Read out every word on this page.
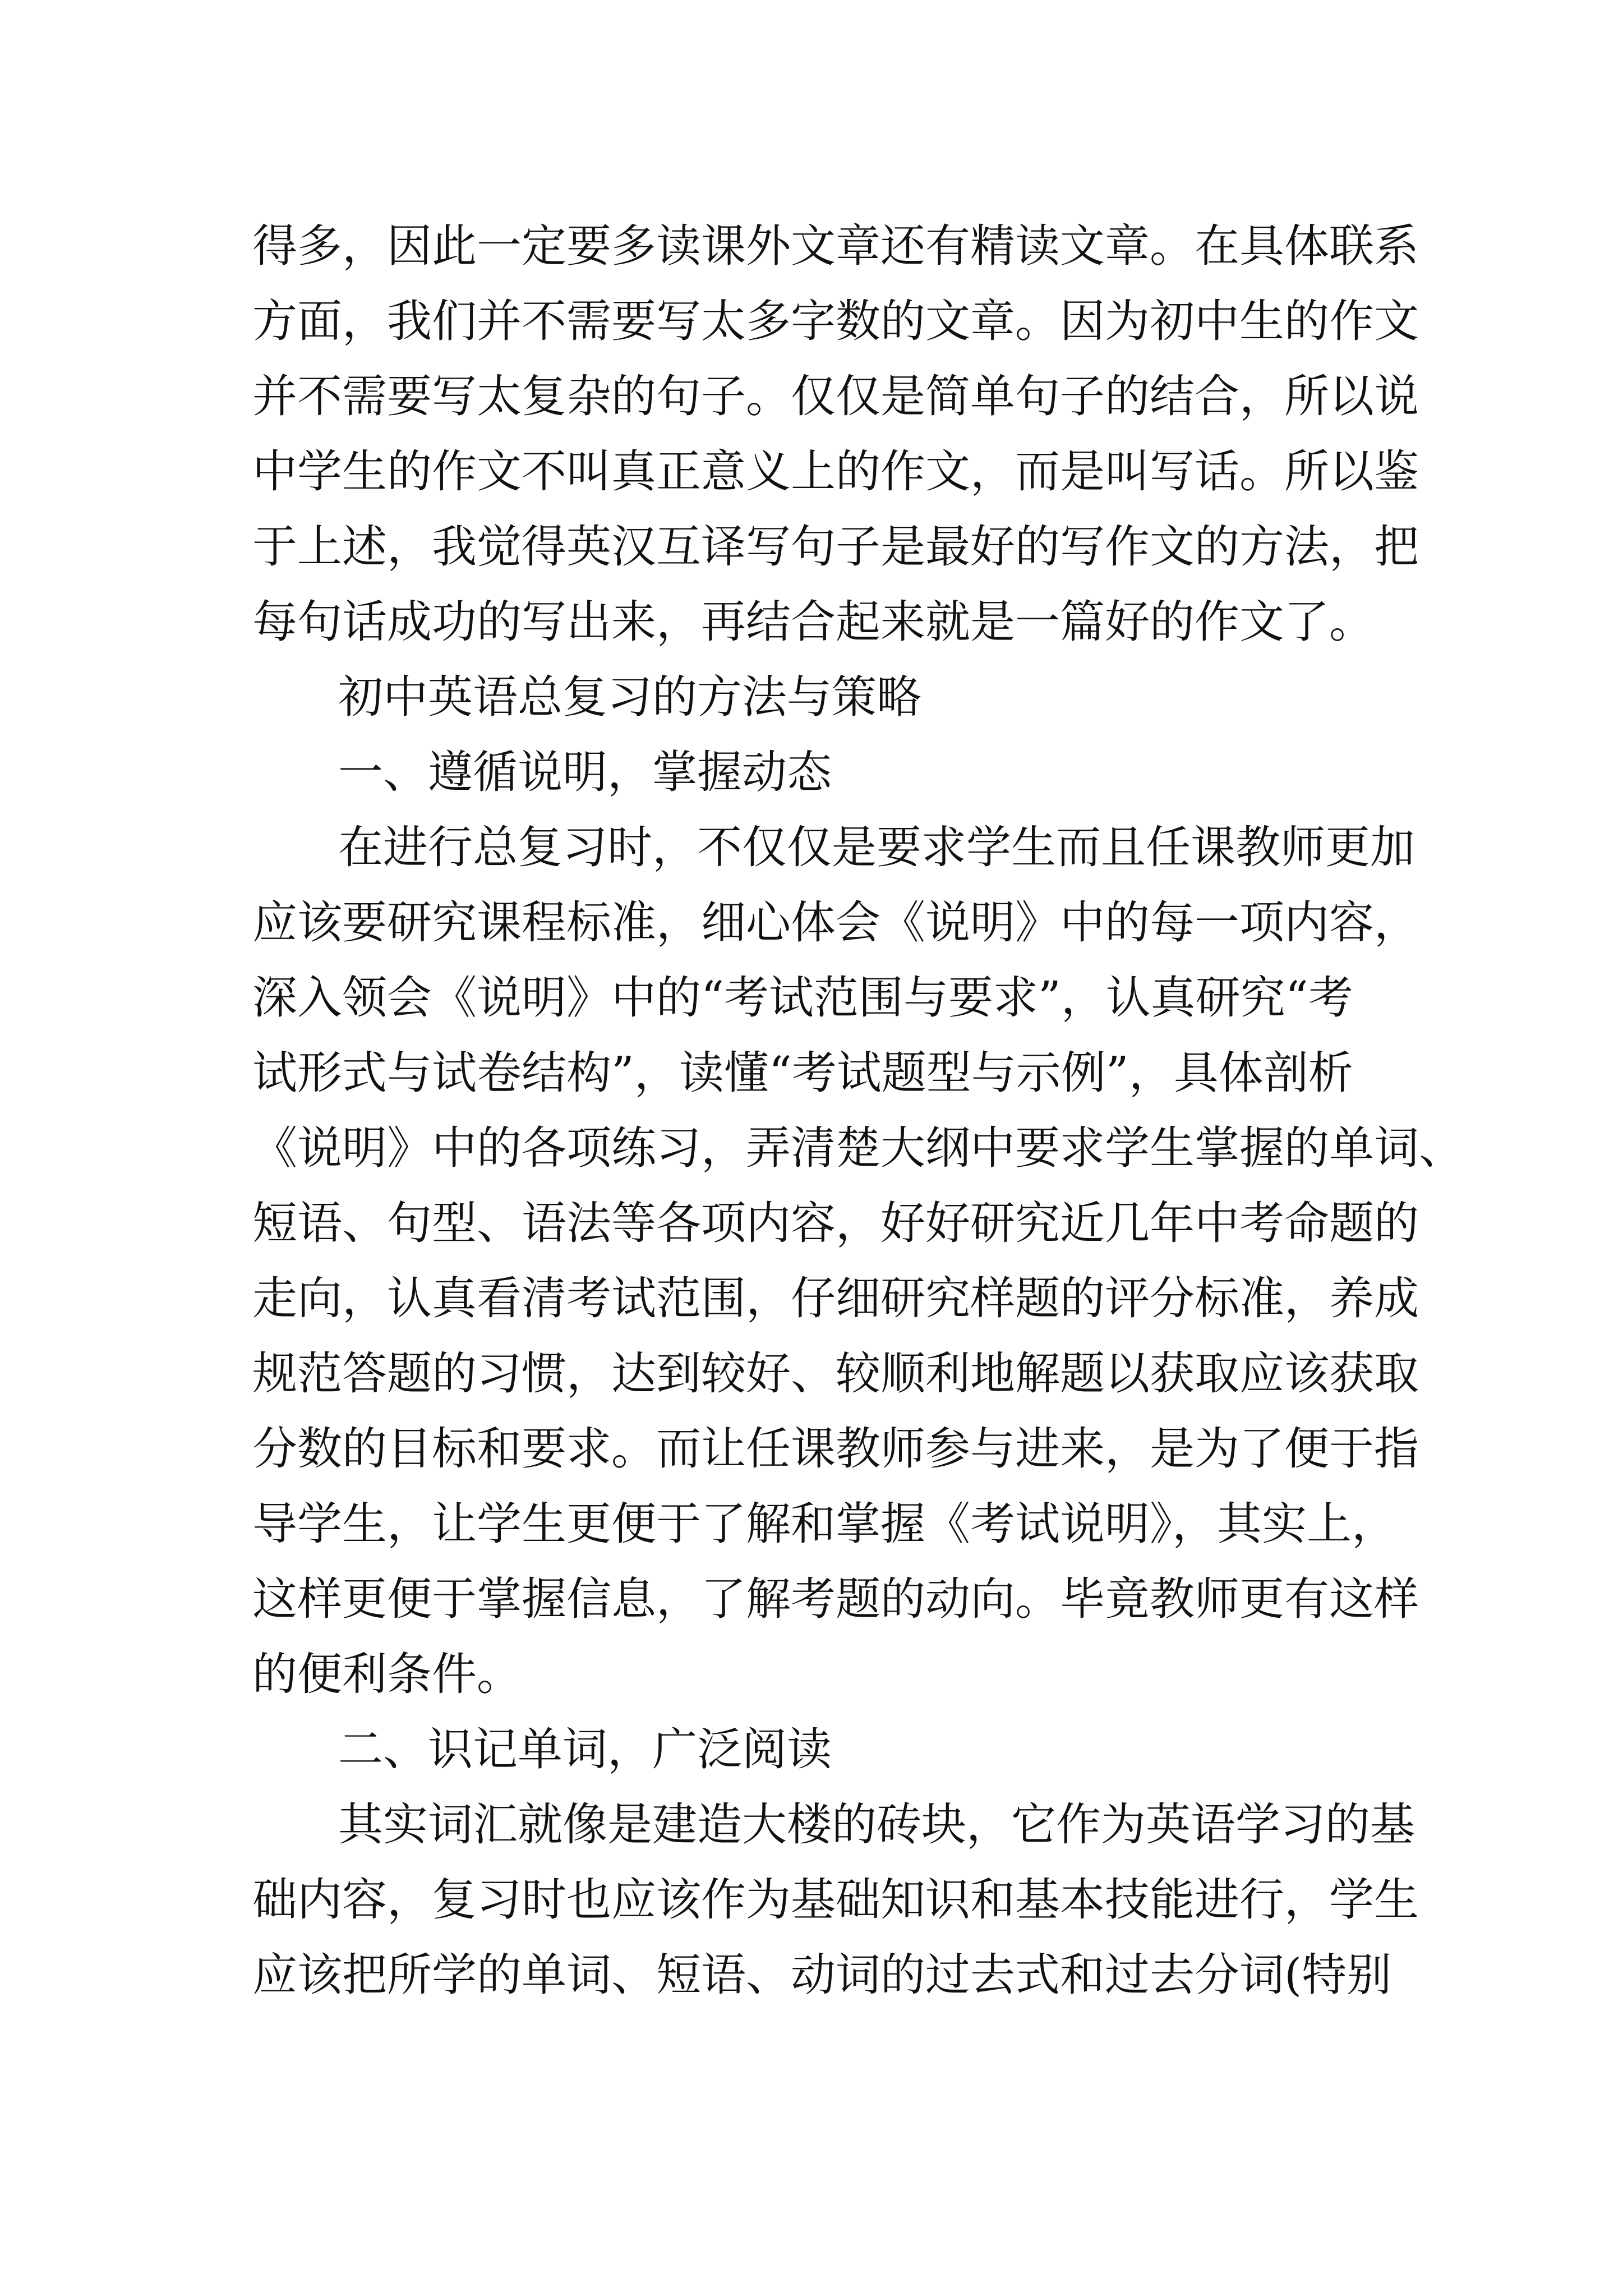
得多，因此一定要多读课外文章还有精读文章。在具体联系
方面，我们并不需要写太多字数的文章。因为初中生的作文
并不需要写太复杂的句子。仅仅是简单句子的结合，所以说
中学生的作文不叫真正意义上的作文，而是叫写话。所以鉴
于上述，我觉得英汉互译写句子是最好的写作文的方法，把
每句话成功的写出来，再结合起来就是一篇好的作文了。
初中英语总复习的方法与策略
一、遵循说明，掌握动态
在进行总复习时，不仅仅是要求学生而且任课教师更加
应该要研究课程标准，细心体会《说明》中的每一项内容，
深入领会《说明》中的“考试范围与要求”，认真研究“考
试形式与试卷结构”，读懂“考试题型与示例”，具体剖析
《说明》中的各项练习，弄清楚大纲中要求学生掌握的单词、
短语、句型、语法等各项内容，好好研究近几年中考命题的
走向，认真看清考试范围，仔细研究样题的评分标准，养成
规范答题的习惯，达到较好、较顺利地解题以获取应该获取
分数的目标和要求。而让任课教师参与进来，是为了便于指
导学生，让学生更便于了解和掌握《考试说明》，其实上，
这样更便于掌握信息，了解考题的动向。毕竟教师更有这样
的便利条件。
二、识记单词，广泛阅读
其实词汇就像是建造大楼的砖块，它作为英语学习的基
础内容，复习时也应该作为基础知识和基本技能进行，学生
应该把所学的单词、短语、动词的过去式和过去分词(特别
